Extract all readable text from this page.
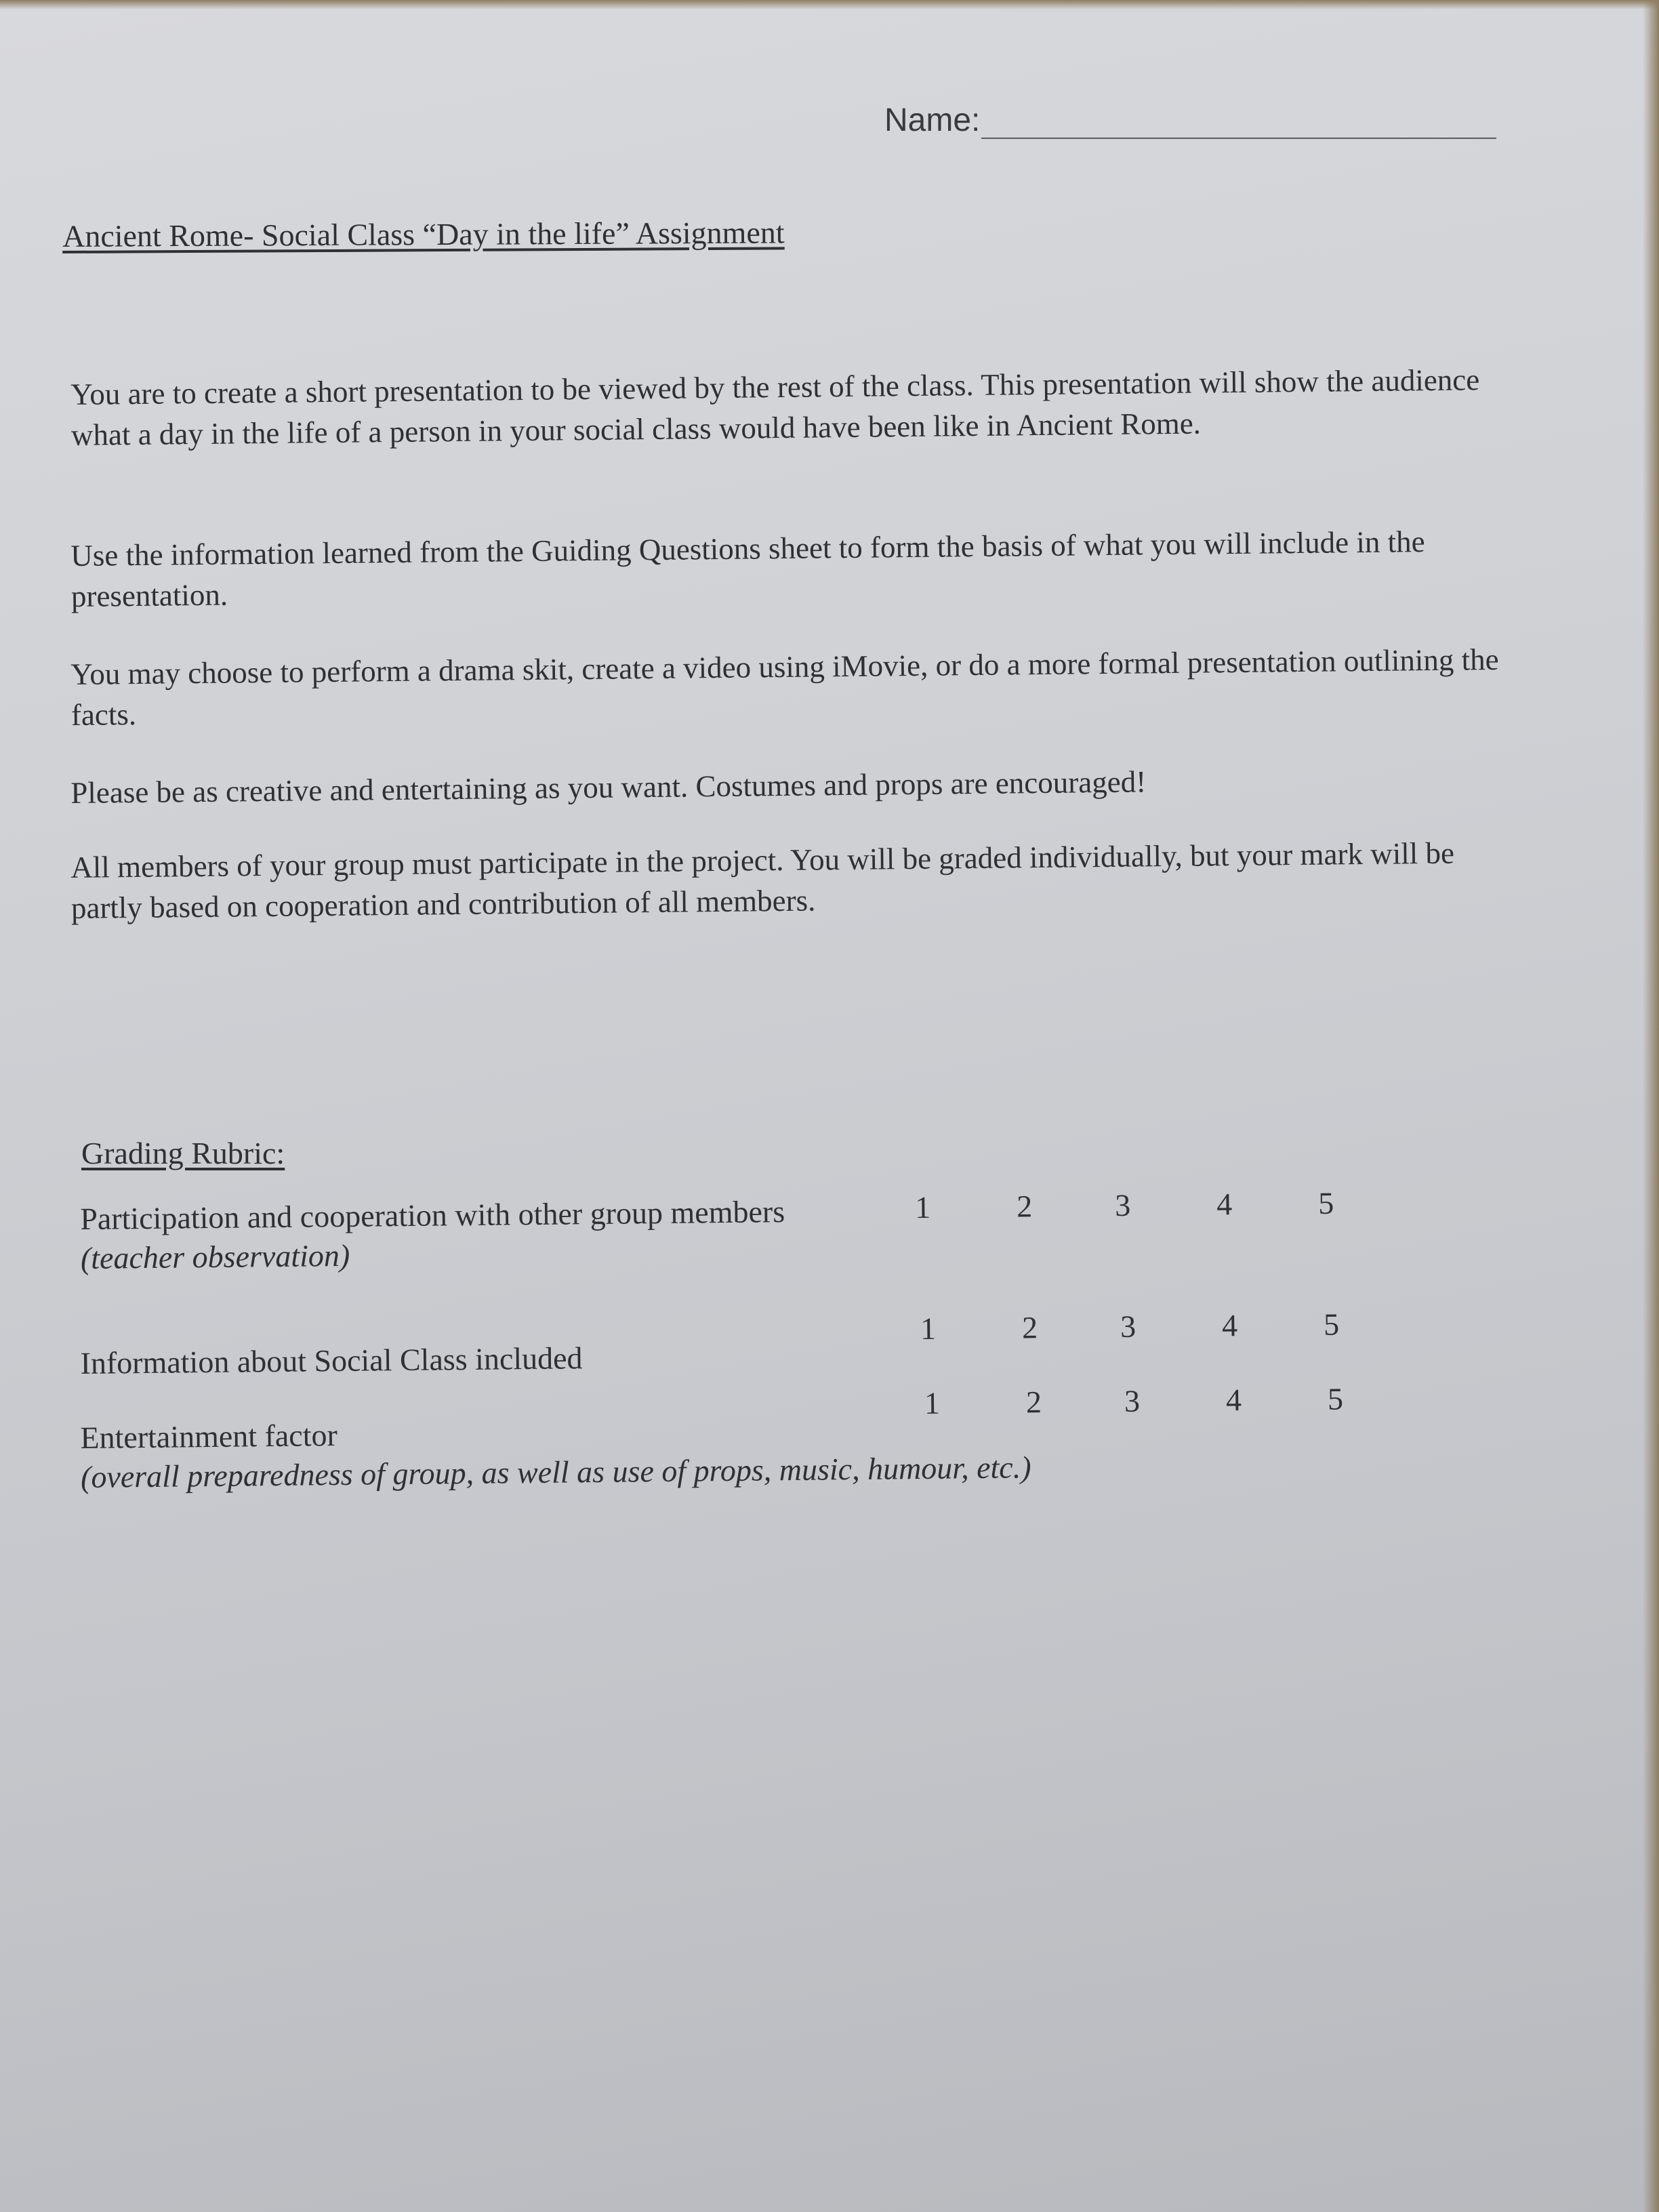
Name:
Ancient Rome- Social Class “Day in the life” Assignment
You are to create a short presentation to be viewed by the rest of the class. This presentation will show the audience what a day in the life of a person in your social class would have been like in Ancient Rome.
Use the information learned from the Guiding Questions sheet to form the basis of what you will include in the presentation.
You may choose to perform a drama skit, create a video using iMovie, or do a more formal presentation outlining the facts.
Please be as creative and entertaining as you want. Costumes and props are encouraged!
All members of your group must participate in the project. You will be graded individually, but your mark will be partly based on cooperation and contribution of all members.
Grading Rubric:
Participation and cooperation with other group members
(teacher observation)
1	2	3	4	5
Information about Social Class included
1	2	3	4	5
Entertainment factor
(overall preparedness of group, as well as use of props, music, humour, etc.)
1	2	3	4	5
